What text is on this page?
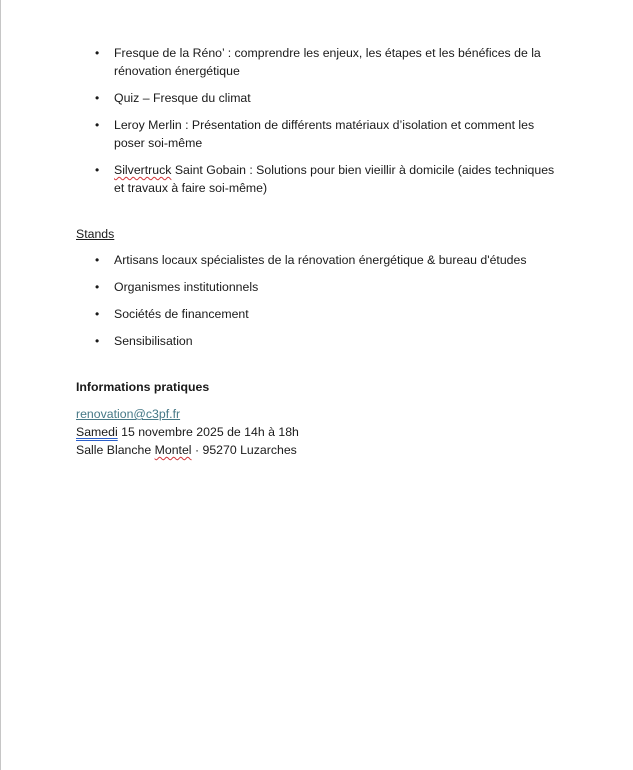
• Fresque de la Réno’ : comprendre les enjeux, les étapes et les bénéfices de la rénovation énergétique
• Quiz – Fresque du climat
• Leroy Merlin : Présentation de différents matériaux d’isolation et comment les poser soi-même
• Silvertruck Saint Gobain : Solutions pour bien vieillir à domicile (aides techniques et travaux à faire soi-même)
Stands
• Artisans locaux spécialistes de la rénovation énergétique & bureau d'études
• Organismes institutionnels
• Sociétés de financement
• Sensibilisation
Informations pratiques
renovation@c3pf.fr
Samedi 15 novembre 2025 de 14h à 18h
Salle Blanche Montel · 95270 Luzarches
